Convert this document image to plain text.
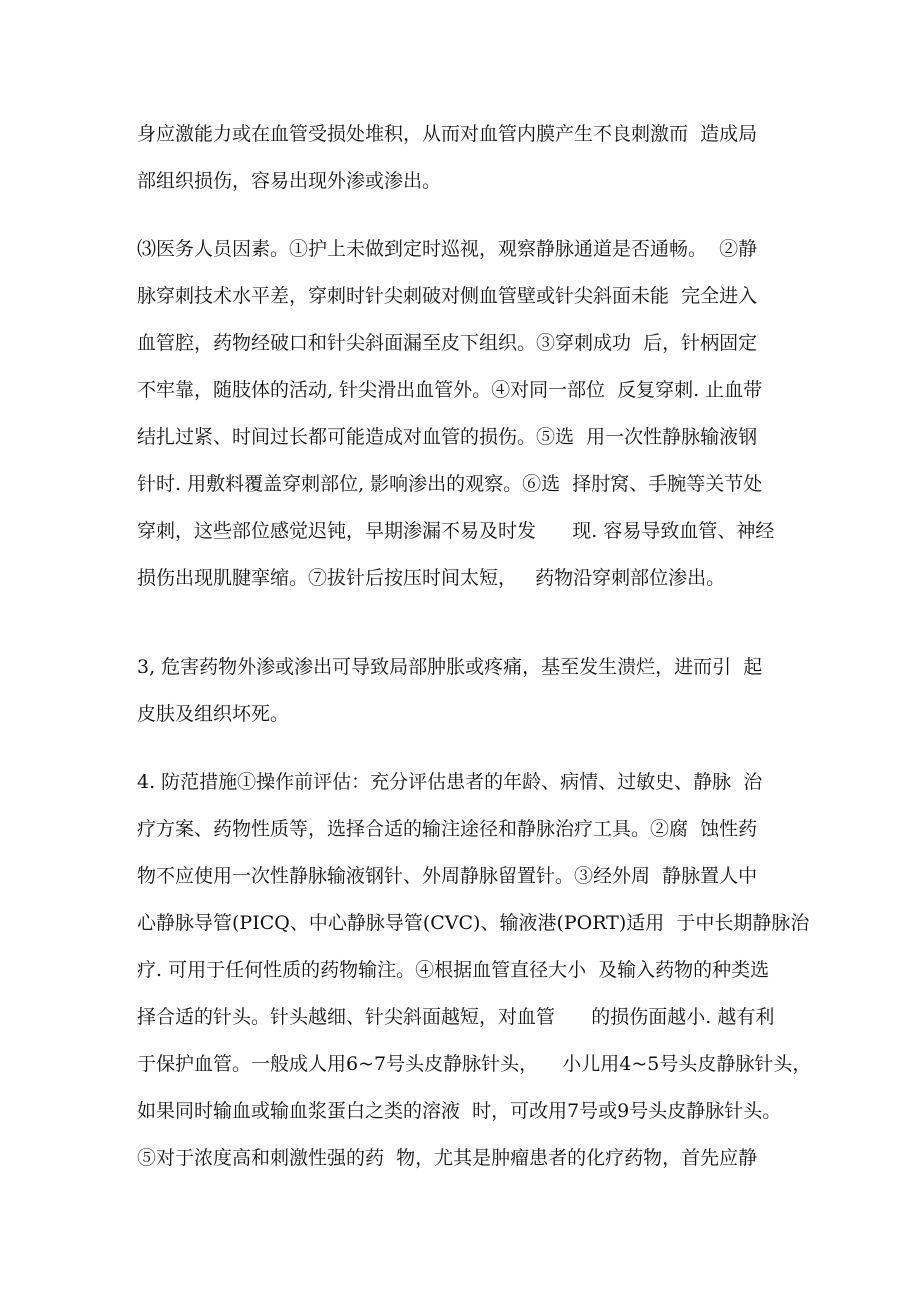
身应激能力或在血管受损处堆积，从而对血管内膜产生不良刺激而  造成局
部组织损伤，容易出现外渗或渗出。
⑶医务人员因素。①护上未做到定时巡视，观察静脉通道是否通畅。  ②静
脉穿刺技术水平差，穿刺时针尖刺破对侧血管壁或针尖斜面未能  完全进入
血管腔，药物经破口和针尖斜面漏至皮下组织。③穿刺成功  后，针柄固定
不牢靠，随肢体的活动, 针尖滑出血管外。④对同一部位  反复穿刺. 止血带
结扎过紧、时间过长都可能造成对血管的损伤。⑤选  用一次性静脉输液钢
针时. 用敷料覆盖穿刺部位, 影响渗出的观察。⑥选  择肘窝、手腕等关节处
穿刺，这些部位感觉迟钝，早期渗漏不易及时发      现. 容易导致血管、神经
损伤出现肌腱挛缩。⑦拔针后按压时间太短，   药物沿穿刺部位渗出。
3, 危害药物外渗或渗出可导致局部肿胀或疼痛，基至发生溃烂，进而引  起
皮肤及组织坏死。
4. 防范措施①操作前评估：充分评估患者的年龄、病情、过敏史、静脉  治
疗方案、药物性质等，选择合适的输注途径和静脉治疗工具。②腐  蚀性药
物不应使用一次性静脉输液钢针、外周静脉留置针。③经外周  静脉置人中
心静脉导管(PICQ、中心静脉导管(CVC)、输液港(PORT)适用  于中长期静脉治
疗. 可用于任何性质的药物输注。④根据血管直径大小  及输入药物的种类选
择合适的针头。针头越细、针尖斜面越短，对血管      的损伤面越小. 越有利
于保护血管。一般成人用6~7号头皮静脉针头，    小儿用4~5号头皮静脉针头，
如果同时输血或输血浆蛋白之类的溶液  时，可改用7号或9号头皮静脉针头。
⑤对于浓度高和刺激性强的药  物，尤其是肿瘤患者的化疗药物，首先应静
